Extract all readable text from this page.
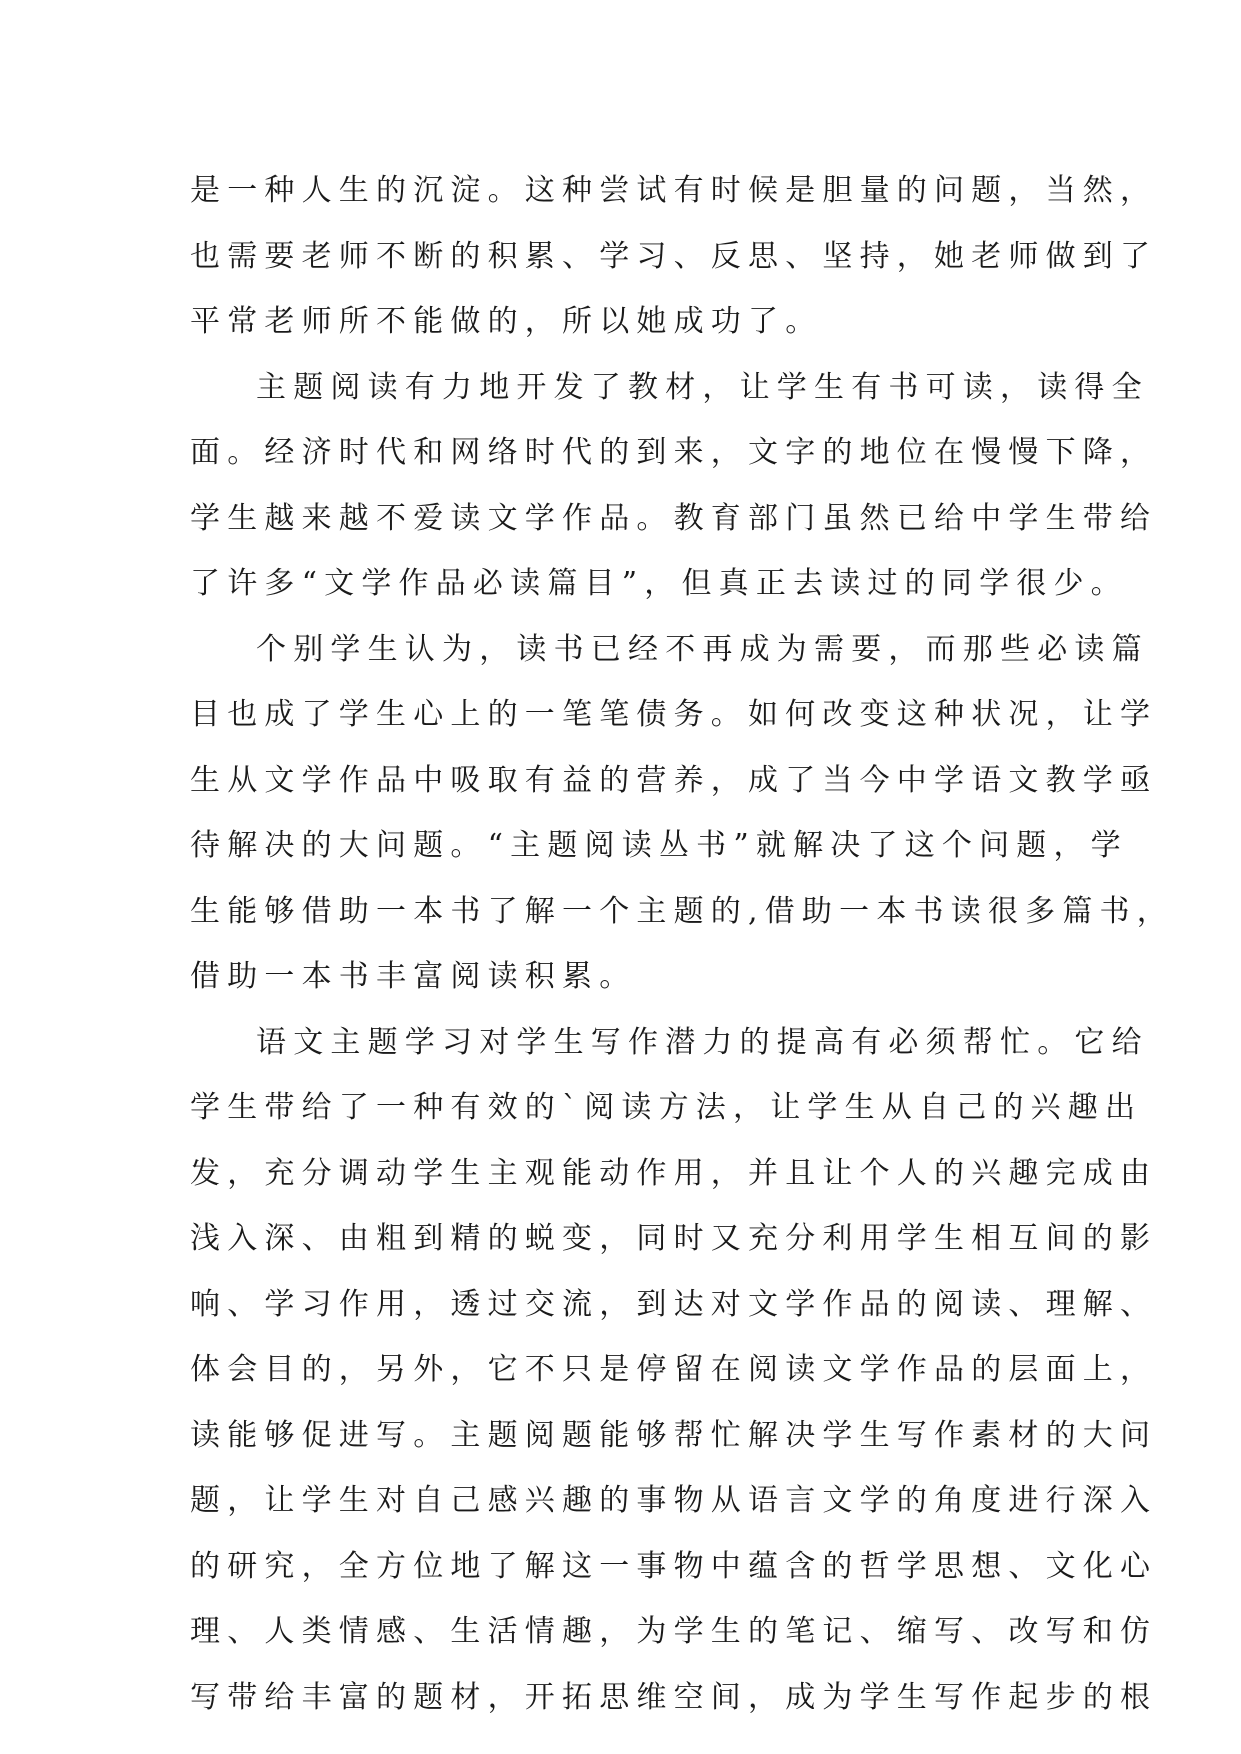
是一种人生的沉淀。这种尝试有时候是胆量的问题，当然，
也需要老师不断的积累、学习、反思、坚持，她老师做到了
平常老师所不能做的，所以她成功了。
主题阅读有力地开发了教材，让学生有书可读，读得全
面。经济时代和网络时代的到来，文字的地位在慢慢下降，
学生越来越不爱读文学作品。教育部门虽然已给中学生带给
了许多“文学作品必读篇目”，但真正去读过的同学很少。
个别学生认为，读书已经不再成为需要，而那些必读篇
目也成了学生心上的一笔笔债务。如何改变这种状况，让学
生从文学作品中吸取有益的营养，成了当今中学语文教学亟
待解决的大问题。“主题阅读丛书”就解决了这个问题，学
生能够借助一本书了解一个主题的,借助一本书读很多篇书，
借助一本书丰富阅读积累。
语文主题学习对学生写作潜力的提高有必须帮忙。它给
学生带给了一种有效的`阅读方法，让学生从自己的兴趣出
发，充分调动学生主观能动作用，并且让个人的兴趣完成由
浅入深、由粗到精的蜕变，同时又充分利用学生相互间的影
响、学习作用，透过交流，到达对文学作品的阅读、理解、
体会目的，另外，它不只是停留在阅读文学作品的层面上，
读能够促进写。主题阅题能够帮忙解决学生写作素材的大问
题，让学生对自己感兴趣的事物从语言文学的角度进行深入
的研究，全方位地了解这一事物中蕴含的哲学思想、文化心
理、人类情感、生活情趣，为学生的笔记、缩写、改写和仿
写带给丰富的题材，开拓思维空间，成为学生写作起步的根
